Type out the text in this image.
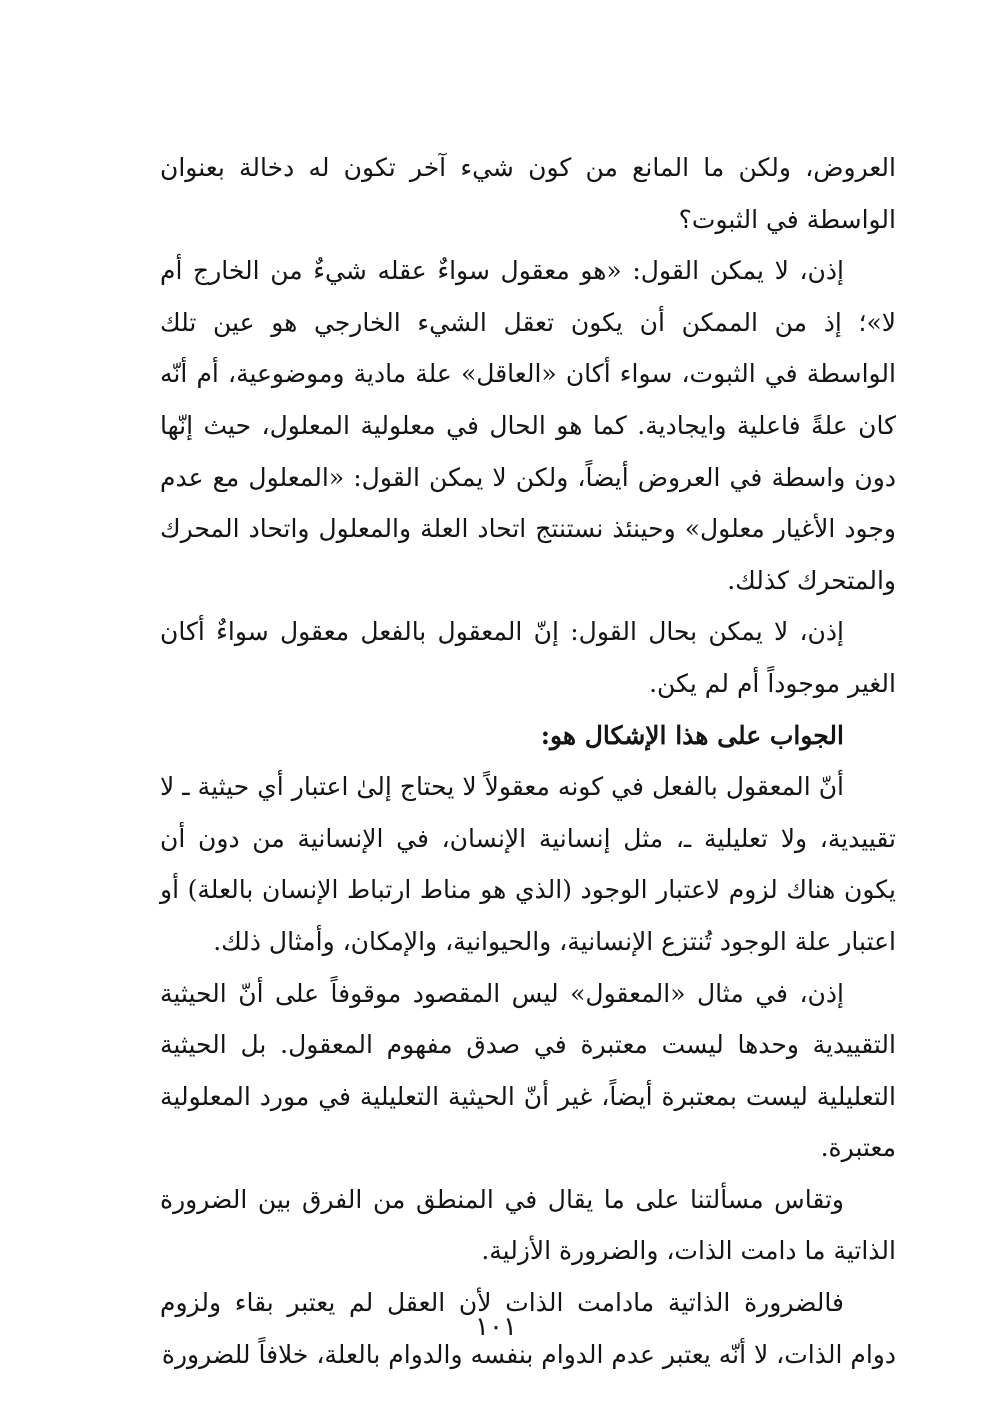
العروض، ولكن ما المانع من كون شيء آخر تكون له دخالة بعنوان الواسطة في الثبوت؟

إذن، لا يمكن القول: «هو معقول سواءٌ عقله شيءٌ من الخارج أم لا»؛ إذ من الممكن أن يكون تعقل الشيء الخارجي هو عين تلك الواسطة في الثبوت، سواء أكان «العاقل» علة مادية وموضوعية، أم أنّه كان علةً فاعلية وايجادية. كما هو الحال في معلولية المعلول، حيث إنّها دون واسطة في العروض أيضاً، ولكن لا يمكن القول: «المعلول مع عدم وجود الأغيار معلول» وحينئذ نستنتج اتحاد العلة والمعلول واتحاد المحرك والمتحرك كذلك.

إذن، لا يمكن بحال القول: إنّ المعقول بالفعل معقول سواءٌ أكان الغير موجوداً أم لم يكن.

الجواب على هذا الإشكال هو:

أنّ المعقول بالفعل في كونه معقولاً لا يحتاج إلىٰ اعتبار أي حيثية ـ لا تقييدية، ولا تعليلية ـ، مثل إنسانية الإنسان، في الإنسانية من دون أن يكون هناك لزوم لاعتبار الوجود (الذي هو مناط ارتباط الإنسان بالعلة) أو اعتبار علة الوجود تُنتزع الإنسانية، والحيوانية، والإمكان، وأمثال ذلك.

إذن، في مثال «المعقول» ليس المقصود موقوفاً على أنّ الحيثية التقييدية وحدها ليست معتبرة في صدق مفهوم المعقول. بل الحيثية التعليلية ليست بمعتبرة أيضاً، غير أنّ الحيثية التعليلية في مورد المعلولية معتبرة.

وتقاس مسألتنا على ما يقال في المنطق من الفرق بين الضرورة الذاتية ما دامت الذات، والضرورة الأزلية.

فالضرورة الذاتية مادامت الذات لأن العقل لم يعتبر بقاء ولزوم دوام الذات، لا أنّه يعتبر عدم الدوام بنفسه والدوام بالعلة، خلافاً للضرورة

١٠١
